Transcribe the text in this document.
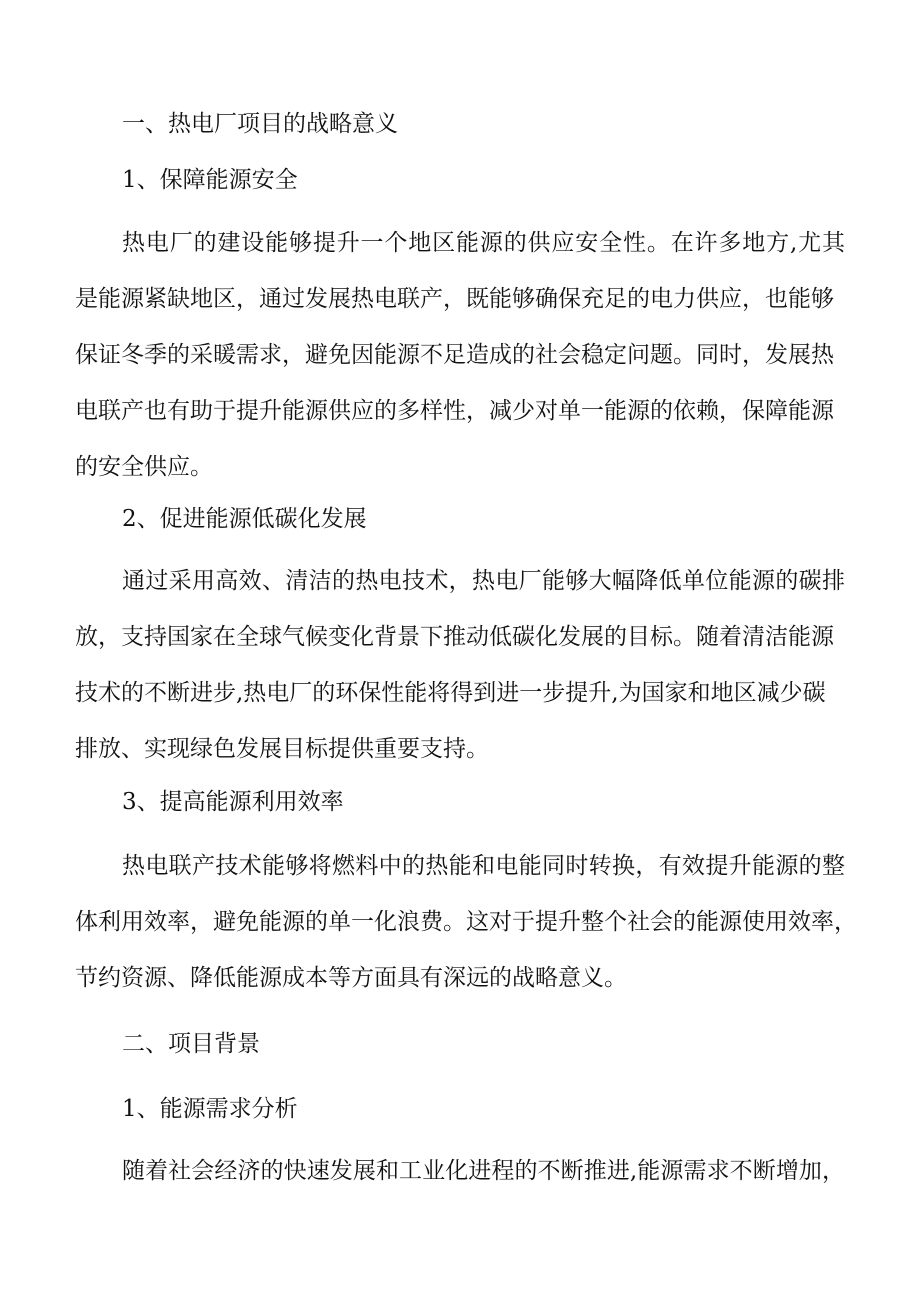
一、热电厂项目的战略意义
1、保障能源安全
热电厂的建设能够提升一个地区能源的供应安全性。在许多地方,尤其
是能源紧缺地区，通过发展热电联产，既能够确保充足的电力供应，也能够
保证冬季的采暖需求，避免因能源不足造成的社会稳定问题。同时，发展热
电联产也有助于提升能源供应的多样性，减少对单一能源的依赖，保障能源
的安全供应。
2、促进能源低碳化发展
通过采用高效、清洁的热电技术，热电厂能够大幅降低单位能源的碳排
放，支持国家在全球气候变化背景下推动低碳化发展的目标。随着清洁能源
技术的不断进步,热电厂的环保性能将得到进一步提升,为国家和地区减少碳
排放、实现绿色发展目标提供重要支持。
3、提高能源利用效率
热电联产技术能够将燃料中的热能和电能同时转换，有效提升能源的整
体利用效率，避免能源的单一化浪费。这对于提升整个社会的能源使用效率，
节约资源、降低能源成本等方面具有深远的战略意义。
二、项目背景
1、能源需求分析
随着社会经济的快速发展和工业化进程的不断推进,能源需求不断增加，
